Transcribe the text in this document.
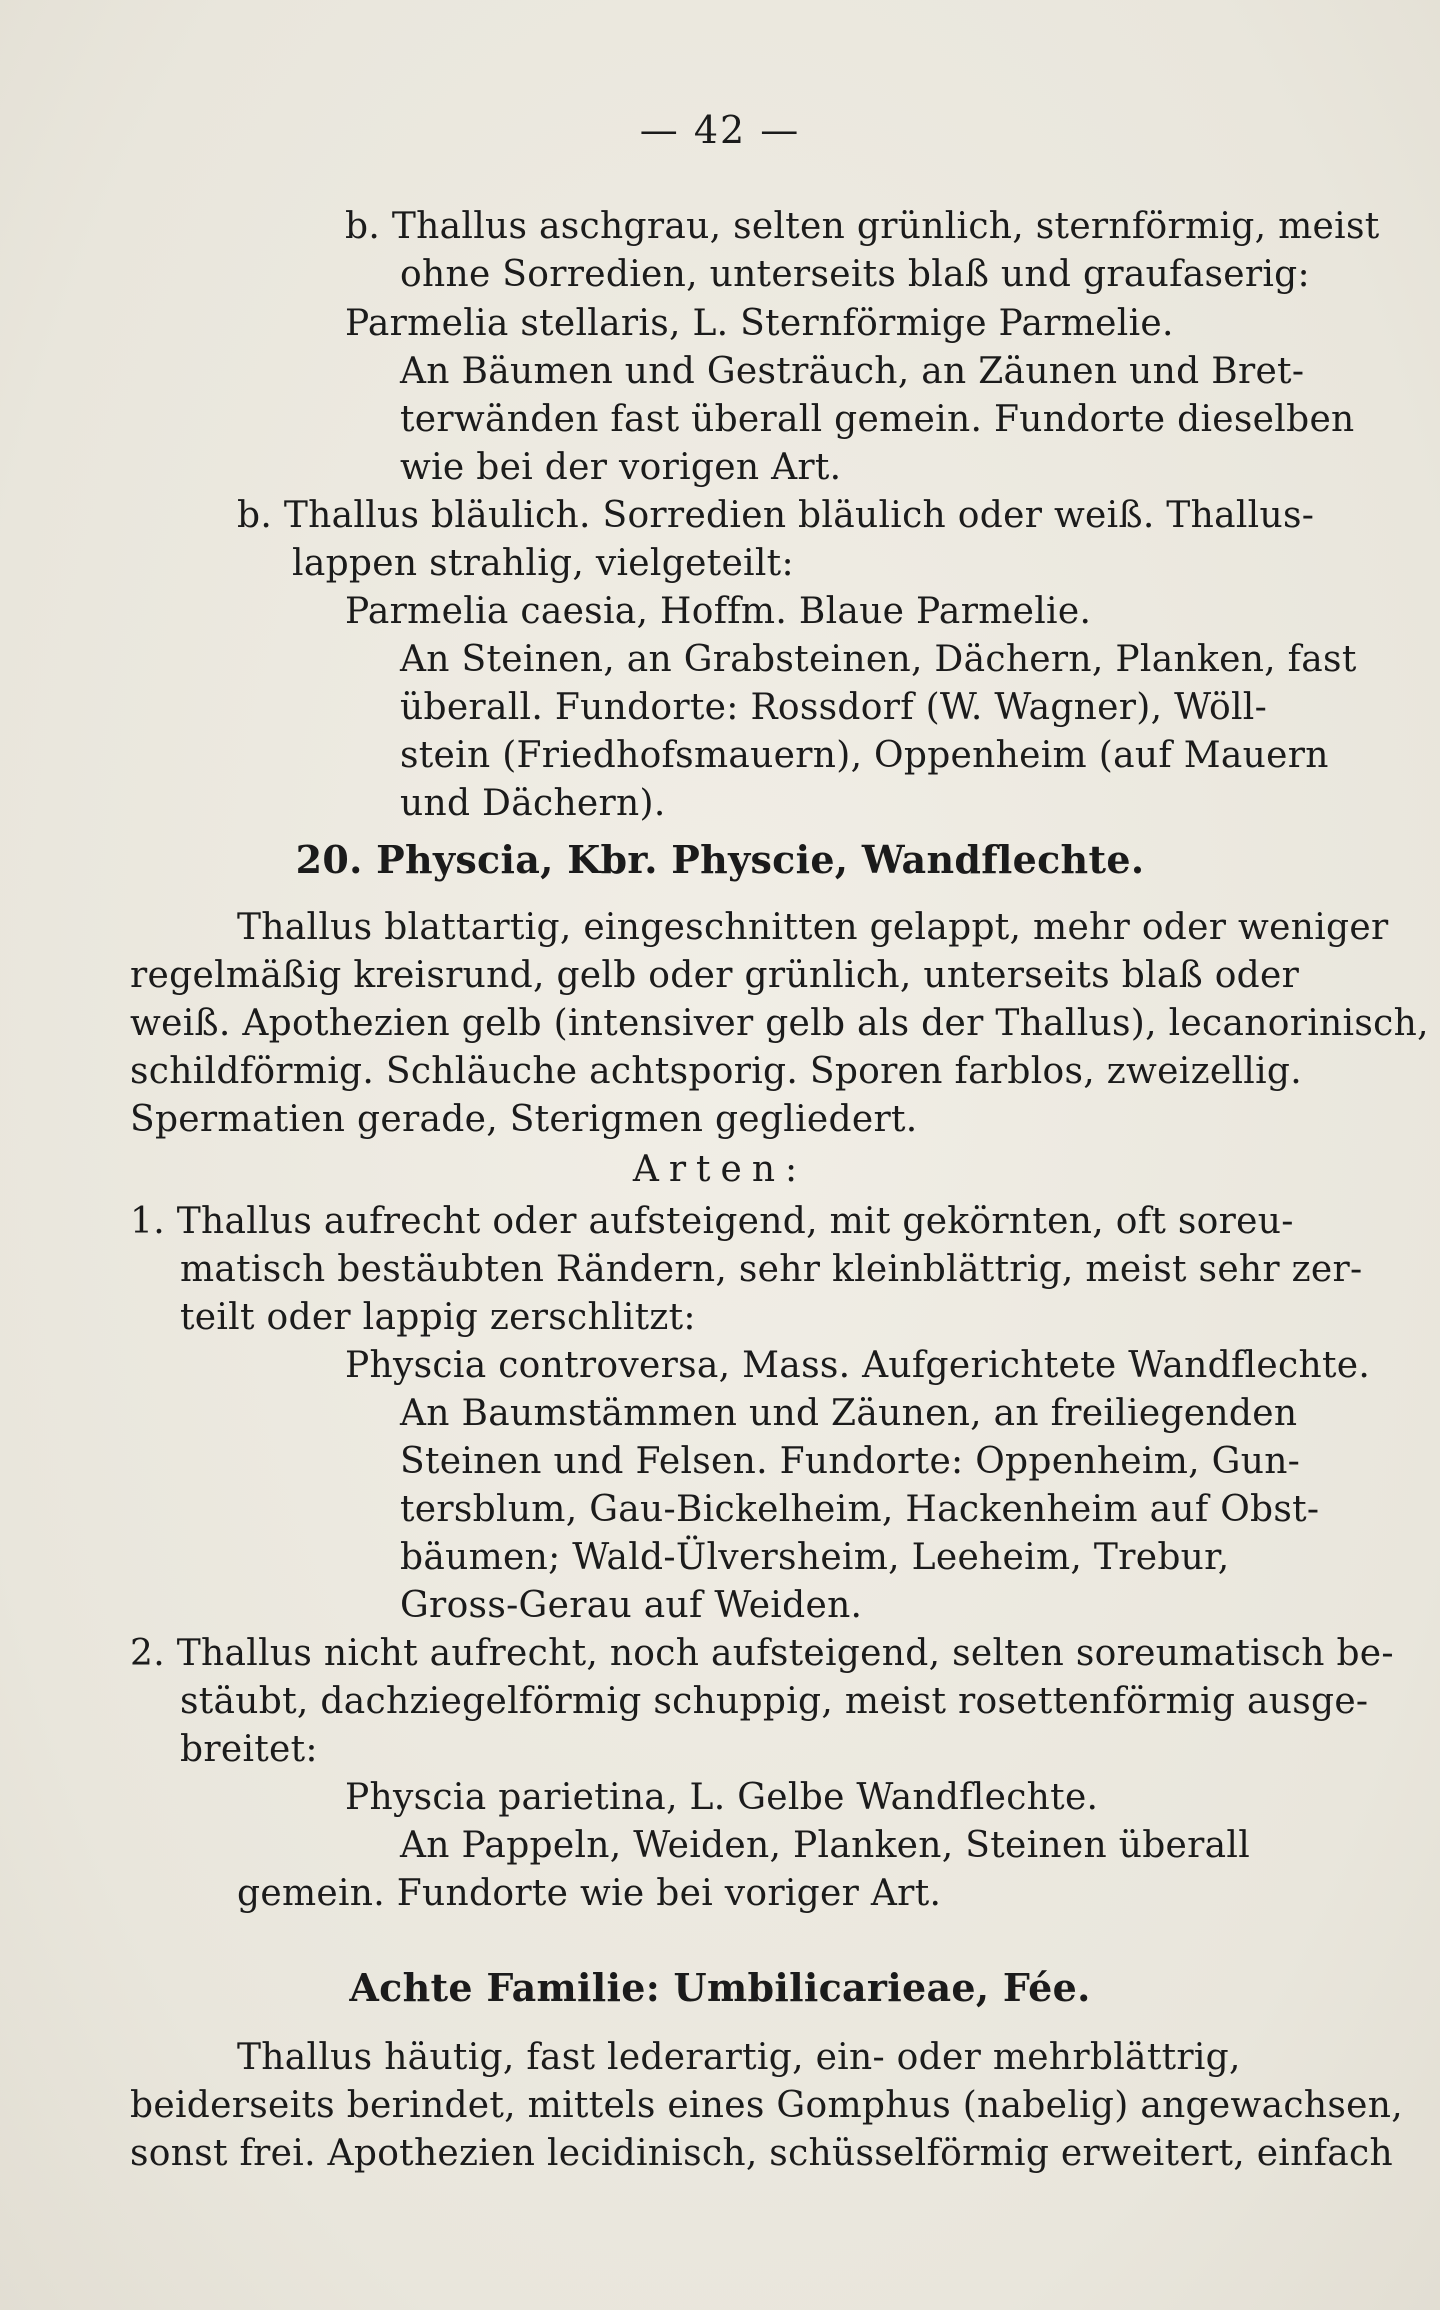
— 42 —
b. Thallus aschgrau, selten grünlich, sternförmig, meist
ohne Sorredien, unterseits blaß und graufaserig:
Parmelia stellaris, L. Sternförmige Parmelie.
An Bäumen und Gesträuch, an Zäunen und Bret-
terwänden fast überall gemein. Fundorte dieselben
wie bei der vorigen Art.
b. Thallus bläulich. Sorredien bläulich oder weiß. Thallus-
lappen strahlig, vielgeteilt:
Parmelia caesia, Hoffm. Blaue Parmelie.
An Steinen, an Grabsteinen, Dächern, Planken, fast
überall. Fundorte: Rossdorf (W. Wagner), Wöll-
stein (Friedhofsmauern), Oppenheim (auf Mauern
und Dächern).
20. Physcia, Kbr. Physcie, Wandflechte.
Thallus blattartig, eingeschnitten gelappt, mehr oder weniger
regelmäßig kreisrund, gelb oder grünlich, unterseits blaß oder
weiß. Apothezien gelb (intensiver gelb als der Thallus), lecanorinisch,
schildförmig. Schläuche achtsporig. Sporen farblos, zweizellig.
Spermatien gerade, Sterigmen gegliedert.
Arten:
1. Thallus aufrecht oder aufsteigend, mit gekörnten, oft soreu-
matisch bestäubten Rändern, sehr kleinblättrig, meist sehr zer-
teilt oder lappig zerschlitzt:
Physcia controversa, Mass. Aufgerichtete Wandflechte.
An Baumstämmen und Zäunen, an freiliegenden
Steinen und Felsen. Fundorte: Oppenheim, Gun-
tersblum, Gau-Bickelheim, Hackenheim auf Obst-
bäumen; Wald-Ülversheim, Leeheim, Trebur,
Gross-Gerau auf Weiden.
2. Thallus nicht aufrecht, noch aufsteigend, selten soreumatisch be-
stäubt, dachziegelförmig schuppig, meist rosettenförmig ausge-
breitet:
Physcia parietina, L. Gelbe Wandflechte.
An Pappeln, Weiden, Planken, Steinen überall
gemein. Fundorte wie bei voriger Art.
Achte Familie: Umbilicarieae, Fée.
Thallus häutig, fast lederartig, ein- oder mehrblättrig,
beiderseits berindet, mittels eines Gomphus (nabelig) angewachsen,
sonst frei. Apothezien lecidinisch, schüsselförmig erweitert, einfach
